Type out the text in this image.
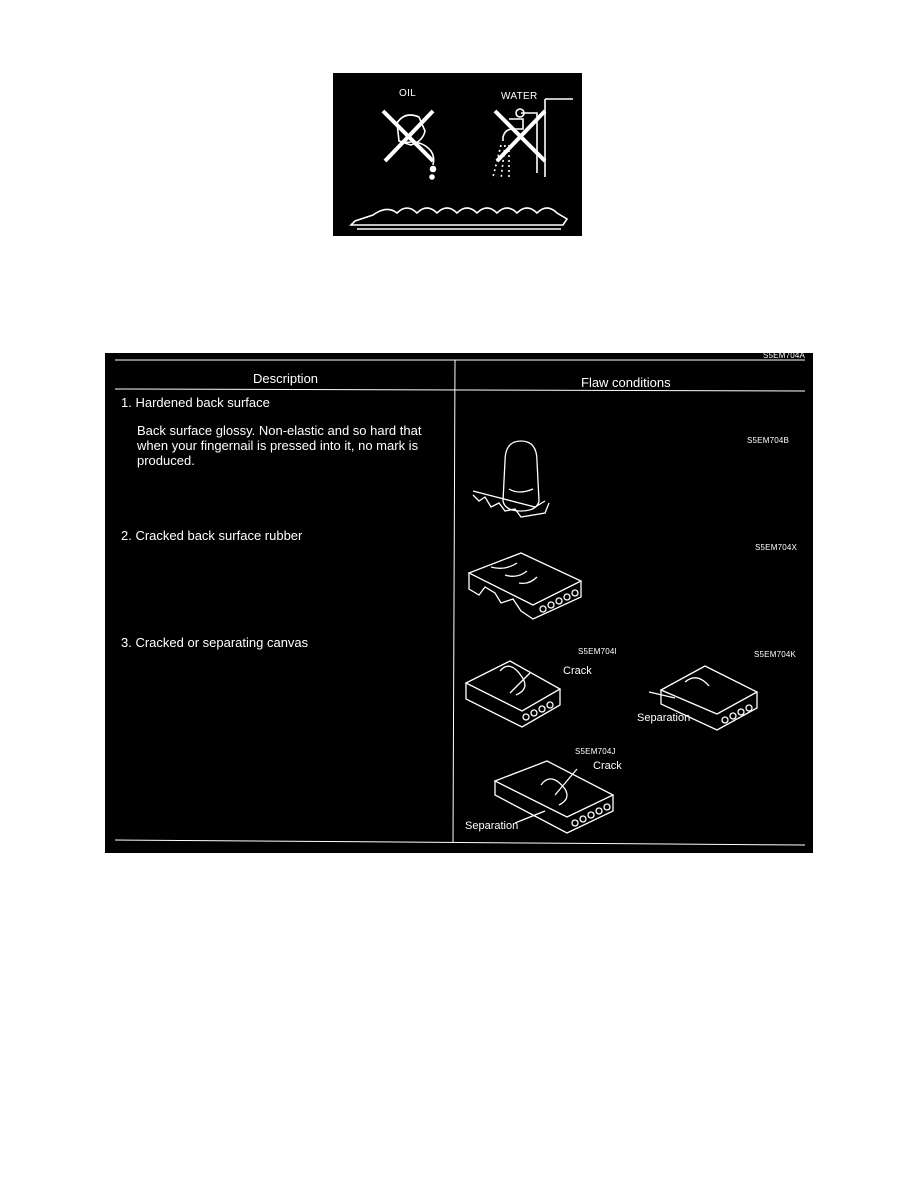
OIL	WATER
S5EM704A
Description	Flaw conditions
1. Hardened back surface
Back surface glossy. Non-elastic and so hard that when your fingernail is pressed into it, no mark is produced.
S5EM704B
2. Cracked back surface rubber
S5EM704X
3. Cracked or separating canvas
S5EM704I	S5EM704K
S5EM704J
Crack
Separation
Crack
Separation
